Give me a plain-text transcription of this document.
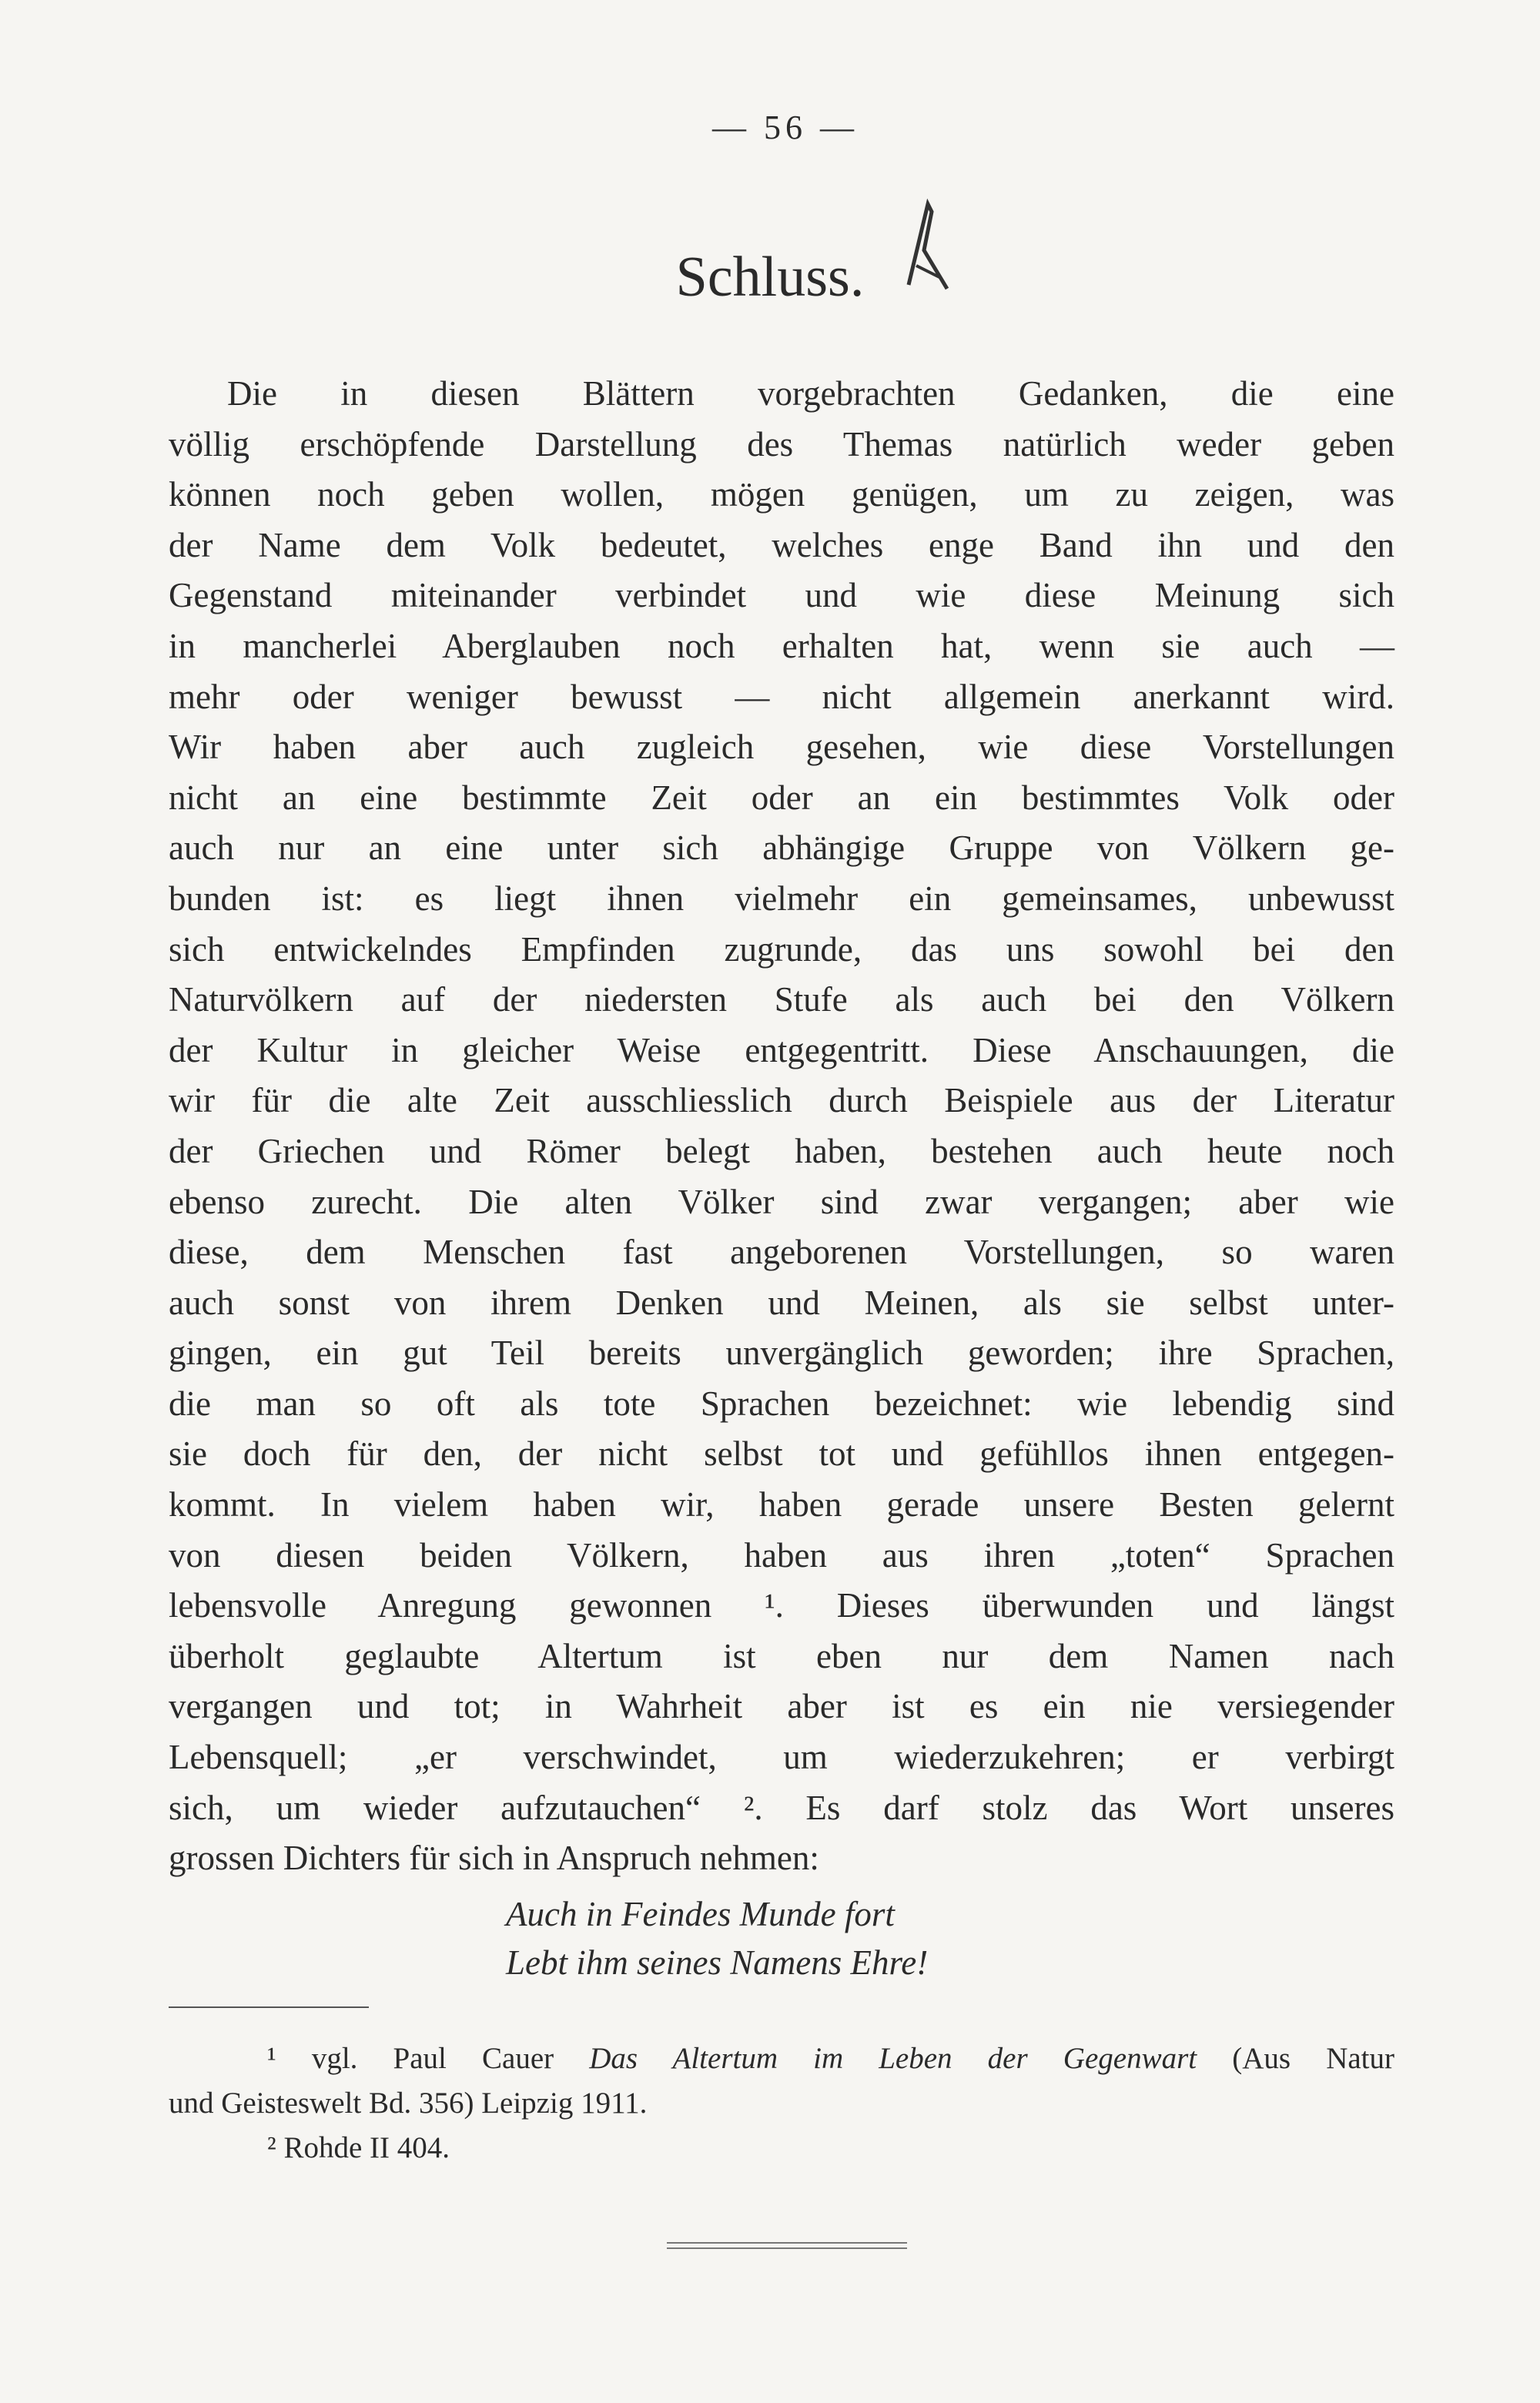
— 56 —
Schluss.
Die in diesen Blättern vorgebrachten Gedanken, die eine
völlig erschöpfende Darstellung des Themas natürlich weder geben
können noch geben wollen, mögen genügen, um zu zeigen, was
der Name dem Volk bedeutet, welches enge Band ihn und den
Gegenstand miteinander verbindet und wie diese Meinung sich
in mancherlei Aberglauben noch erhalten hat, wenn sie auch —
mehr oder weniger bewusst — nicht allgemein anerkannt wird.
Wir haben aber auch zugleich gesehen, wie diese Vorstellungen
nicht an eine bestimmte Zeit oder an ein bestimmtes Volk oder
auch nur an eine unter sich abhängige Gruppe von Völkern ge-
bunden ist: es liegt ihnen vielmehr ein gemeinsames, unbewusst
sich entwickelndes Empfinden zugrunde, das uns sowohl bei den
Naturvölkern auf der niedersten Stufe als auch bei den Völkern
der Kultur in gleicher Weise entgegentritt. Diese Anschauungen, die
wir für die alte Zeit ausschliesslich durch Beispiele aus der Literatur
der Griechen und Römer belegt haben, bestehen auch heute noch
ebenso zurecht. Die alten Völker sind zwar vergangen; aber wie
diese, dem Menschen fast angeborenen Vorstellungen, so waren
auch sonst von ihrem Denken und Meinen, als sie selbst unter-
gingen, ein gut Teil bereits unvergänglich geworden; ihre Sprachen,
die man so oft als tote Sprachen bezeichnet: wie lebendig sind
sie doch für den, der nicht selbst tot und gefühllos ihnen entgegen-
kommt. In vielem haben wir, haben gerade unsere Besten gelernt
von diesen beiden Völkern, haben aus ihren „toten“ Sprachen
lebensvolle Anregung gewonnen ¹. Dieses überwunden und längst
überholt geglaubte Altertum ist eben nur dem Namen nach
vergangen und tot; in Wahrheit aber ist es ein nie versiegender
Lebensquell; „er verschwindet, um wiederzukehren; er verbirgt
sich, um wieder aufzutauchen“ ². Es darf stolz das Wort unseres
grossen Dichters für sich in Anspruch nehmen:
Auch in Feindes Munde fort
Lebt ihm seines Namens Ehre!
¹ vgl. Paul Cauer Das Altertum im Leben der Gegenwart (Aus Natur
und Geisteswelt Bd. 356) Leipzig 1911.
² Rohde II 404.
